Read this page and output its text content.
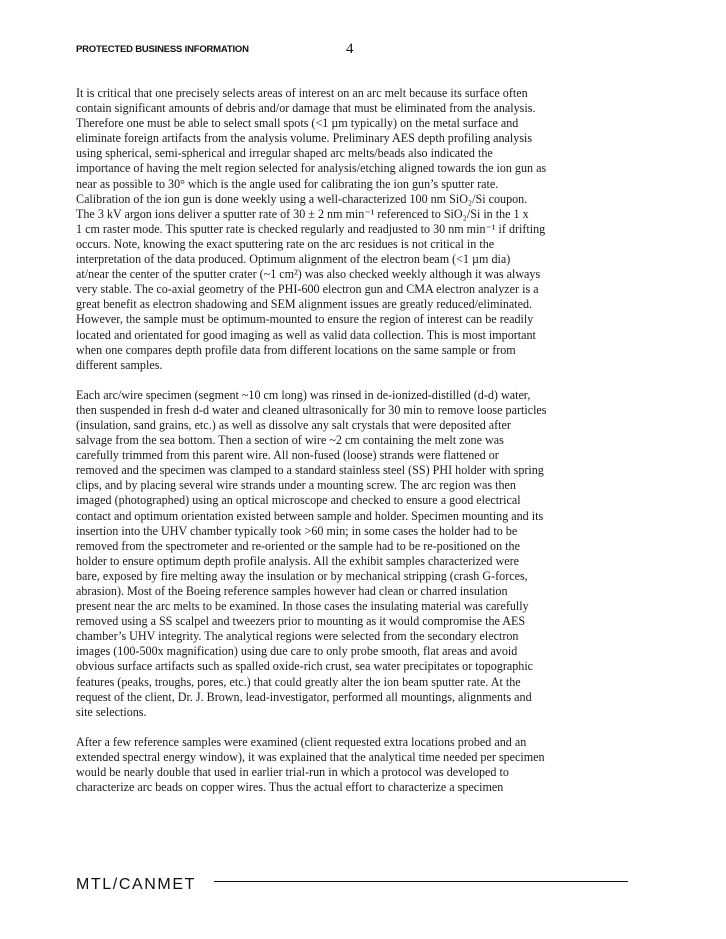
PROTECTED BUSINESS INFORMATION	4

It is critical that one precisely selects areas of interest on an arc melt because its surface often
contain significant amounts of debris and/or damage that must be eliminated from the analysis.
Therefore one must be able to select small spots (<1 µm typically) on the metal surface and
eliminate foreign artifacts from the analysis volume. Preliminary AES depth profiling analysis
using spherical, semi-spherical and irregular shaped arc melts/beads also indicated the
importance of having the melt region selected for analysis/etching aligned towards the ion gun as
near as possible to 30° which is the angle used for calibrating the ion gun’s sputter rate.
Calibration of the ion gun is done weekly using a well-characterized 100 nm SiO₂/Si coupon.
The 3 kV argon ions deliver a sputter rate of 30 ± 2 nm min⁻¹ referenced to SiO₂/Si in the 1 x
1 cm raster mode. This sputter rate is checked regularly and readjusted to 30 nm min⁻¹ if drifting
occurs. Note, knowing the exact sputtering rate on the arc residues is not critical in the
interpretation of the data produced. Optimum alignment of the electron beam (<1 µm dia)
at/near the center of the sputter crater (~1 cm²) was also checked weekly although it was always
very stable. The co-axial geometry of the PHI-600 electron gun and CMA electron analyzer is a
great benefit as electron shadowing and SEM alignment issues are greatly reduced/eliminated.
However, the sample must be optimum-mounted to ensure the region of interest can be readily
located and orientated for good imaging as well as valid data collection. This is most important
when one compares depth profile data from different locations on the same sample or from
different samples.

Each arc/wire specimen (segment ~10 cm long) was rinsed in de-ionized-distilled (d-d) water,
then suspended in fresh d-d water and cleaned ultrasonically for 30 min to remove loose particles
(insulation, sand grains, etc.) as well as dissolve any salt crystals that were deposited after
salvage from the sea bottom. Then a section of wire ~2 cm containing the melt zone was
carefully trimmed from this parent wire. All non-fused (loose) strands were flattened or
removed and the specimen was clamped to a standard stainless steel (SS) PHI holder with spring
clips, and by placing several wire strands under a mounting screw. The arc region was then
imaged (photographed) using an optical microscope and checked to ensure a good electrical
contact and optimum orientation existed between sample and holder. Specimen mounting and its
insertion into the UHV chamber typically took >60 min; in some cases the holder had to be
removed from the spectrometer and re-oriented or the sample had to be re-positioned on the
holder to ensure optimum depth profile analysis. All the exhibit samples characterized were
bare, exposed by fire melting away the insulation or by mechanical stripping (crash G-forces,
abrasion). Most of the Boeing reference samples however had clean or charred insulation
present near the arc melts to be examined. In those cases the insulating material was carefully
removed using a SS scalpel and tweezers prior to mounting as it would compromise the AES
chamber’s UHV integrity. The analytical regions were selected from the secondary electron
images (100-500x magnification) using due care to only probe smooth, flat areas and avoid
obvious surface artifacts such as spalled oxide-rich crust, sea water precipitates or topographic
features (peaks, troughs, pores, etc.) that could greatly alter the ion beam sputter rate. At the
request of the client, Dr. J. Brown, lead-investigator, performed all mountings, alignments and
site selections.

After a few reference samples were examined (client requested extra locations probed and an
extended spectral energy window), it was explained that the analytical time needed per specimen
would be nearly double that used in earlier trial-run in which a protocol was developed to
characterize arc beads on copper wires. Thus the actual effort to characterize a specimen

MTL/CANMET
